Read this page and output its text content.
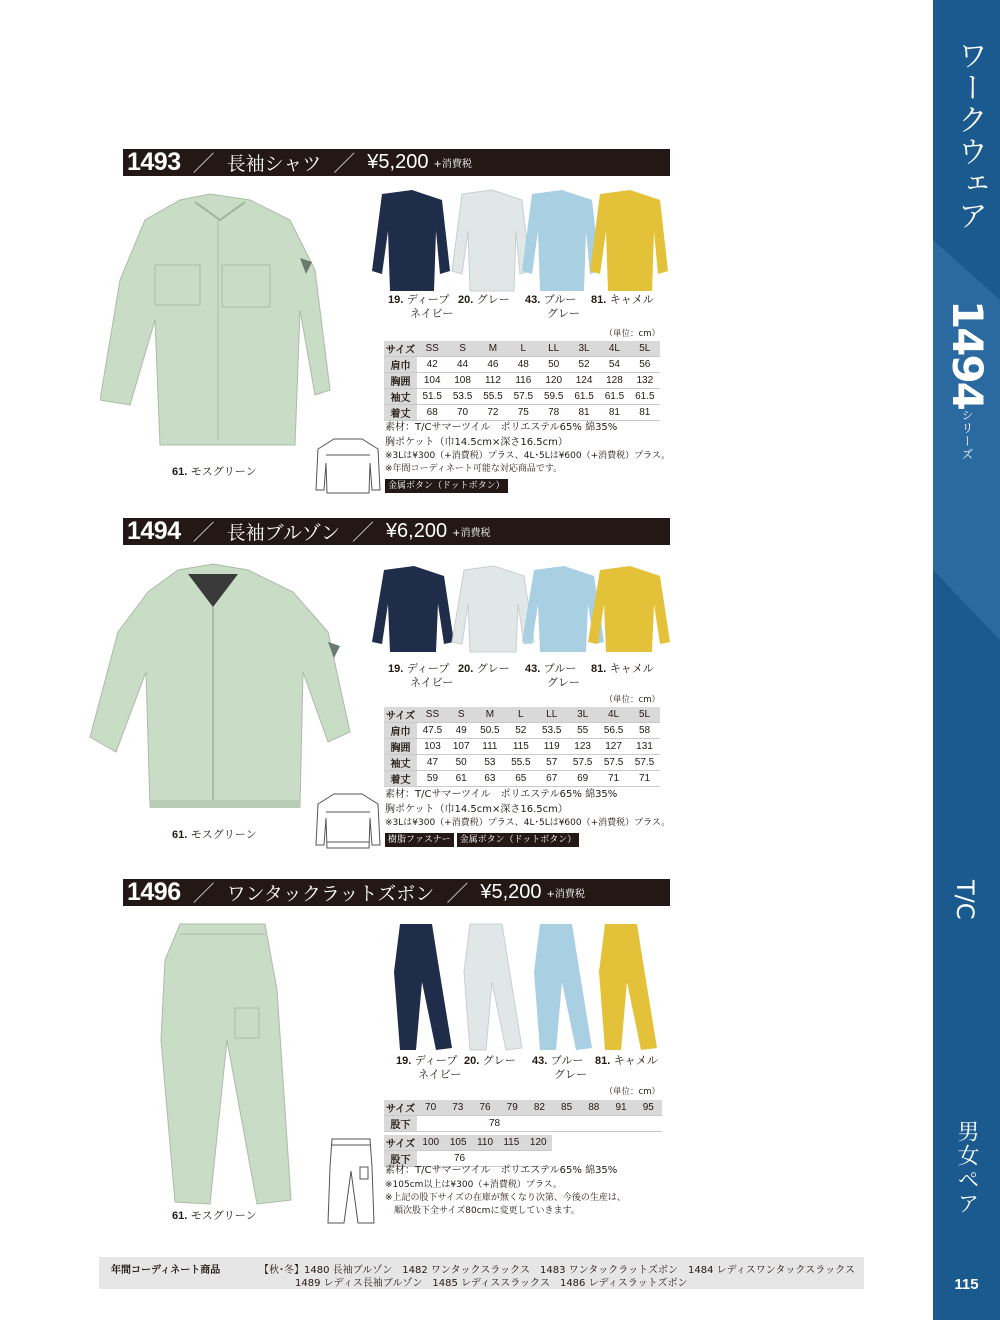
ワークウェア
1494シリーズ
T/C
男女ペア
115
1493 ／ 長袖シャツ ／ ¥5,200 +消費税
61. モスグリーン
19. ディープ
ネイビー
20. グレー 43. ブルー
グレー
81. キャメル
（単位：cm）
サイズ	SS	S	M	L	LL	3L	4L	5L
肩巾	42	44	46	48	50	52	54	56
胸囲	104	108	112	116	120	124	128	132
袖丈	51.5	53.5	55.5	57.5	59.5	61.5	61.5	61.5
着丈	68	70	72	75	78	81	81	81
素材：T/Cサマーツイル　ポリエステル65% 綿35%
胸ポケット（巾14.5cm×深さ16.5cm）
※3Lは¥300（+消費税）プラス、4L･5Lは¥600（+消費税）プラス。
※年間コーディネート可能な対応商品です。
金属ボタン（ドットボタン）
1494 ／ 長袖ブルゾン ／ ¥6,200 +消費税
61. モスグリーン
19. ディープ
ネイビー
20. グレー 43. ブルー
グレー
81. キャメル
（単位：cm）
サイズ	SS	S	M	L	LL	3L	4L	5L
肩巾	47.5	49	50.5	52	53.5	55	56.5	58
胸囲	103	107	111	115	119	123	127	131
袖丈	47	50	53	55.5	57	57.5	57.5	57.5
着丈	59	61	63	65	67	69	71	71
素材：T/Cサマーツイル　ポリエステル65% 綿35%
胸ポケット（巾14.5cm×深さ16.5cm）
※3Lは¥300（+消費税）プラス、4L･5Lは¥600（+消費税）プラス。
樹脂ファスナー 金属ボタン（ドットボタン）
1496 ／ ワンタックラットズボン ／ ¥5,200 +消費税
61. モスグリーン
19. ディープ
ネイビー
20. グレー 43. ブルー
グレー
81. キャメル
（単位：cm）
サイズ	70	73	76	79	82	85	88	91	95
股下	78								
サイズ	100	105	110	115	120
股下	76				
素材：T/Cサマーツイル　ポリエステル65% 綿35%
※105cm以上は¥300（+消費税）プラス。
※上記の股下サイズの在庫が無くなり次第、今後の生産は、
　順次股下全サイズ80cmに変更していきます。
年間コーディネート商品	【秋･冬】1480 長袖ブルゾン　1482 ワンタックスラックス　1483 ワンタックラットズボン　1484 レディスワンタックスラックス
1489 レディス長袖ブルゾン　1485 レディススラックス　1486 レディスラットズボン
